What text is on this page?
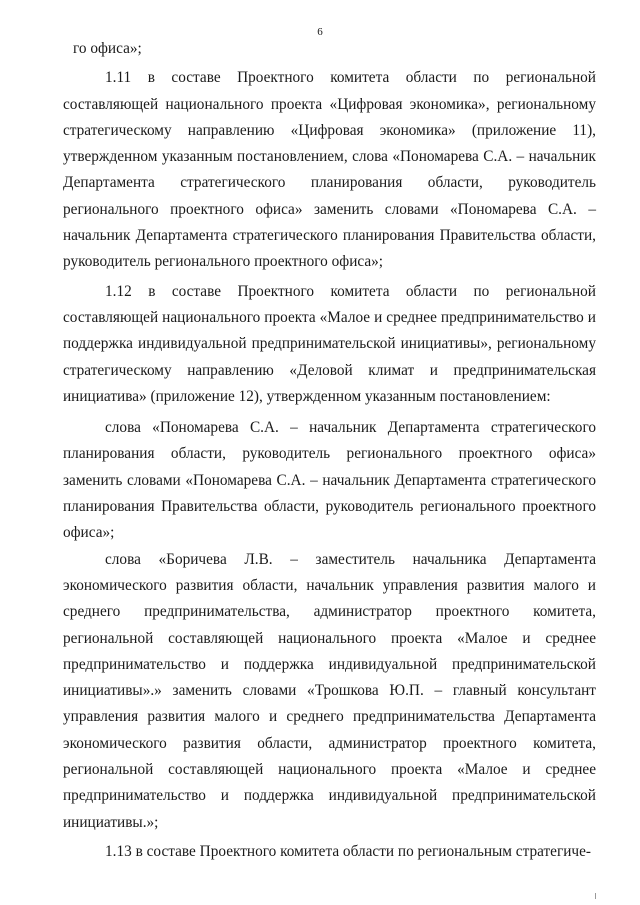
6

го офиса»;

1.11 в составе Проектного комитета области по региональной составляющей национального проекта «Цифровая экономика», региональному стратегическому направлению «Цифровая экономика» (приложение 11), утвержденном указанным постановлением, слова «Пономарева С.А. – начальник Департамента стратегического планирования области, руководитель регионального проектного офиса» заменить словами «Пономарева С.А. – начальник Департамента стратегического планирования Правительства области, руководитель регионального проектного офиса»;

1.12 в составе Проектного комитета области по региональной составляющей национального проекта «Малое и среднее предпринимательство и поддержка индивидуальной предпринимательской инициативы», региональному стратегическому направлению «Деловой климат и предпринимательская инициатива» (приложение 12), утвержденном указанным постановлением:

слова «Пономарева С.А. – начальник Департамента стратегического планирования области, руководитель регионального проектного офиса» заменить словами «Пономарева С.А. – начальник Департамента стратегического планирования Правительства области, руководитель регионального проектного офиса»;

слова «Боричева Л.В. – заместитель начальника Департамента экономического развития области, начальник управления развития малого и среднего предпринимательства, администратор проектного комитета, региональной составляющей национального проекта «Малое и среднее предпринимательство и поддержка индивидуальной предпринимательской инициативы».» заменить словами «Трошкова Ю.П. – главный консультант управления развития малого и среднего предпринимательства Департамента экономического развития области, администратор проектного комитета, региональной составляющей национального проекта «Малое и среднее предпринимательство и поддержка индивидуальной предпринимательской инициативы.»;

1.13 в составе Проектного комитета области по региональным стратегиче-
